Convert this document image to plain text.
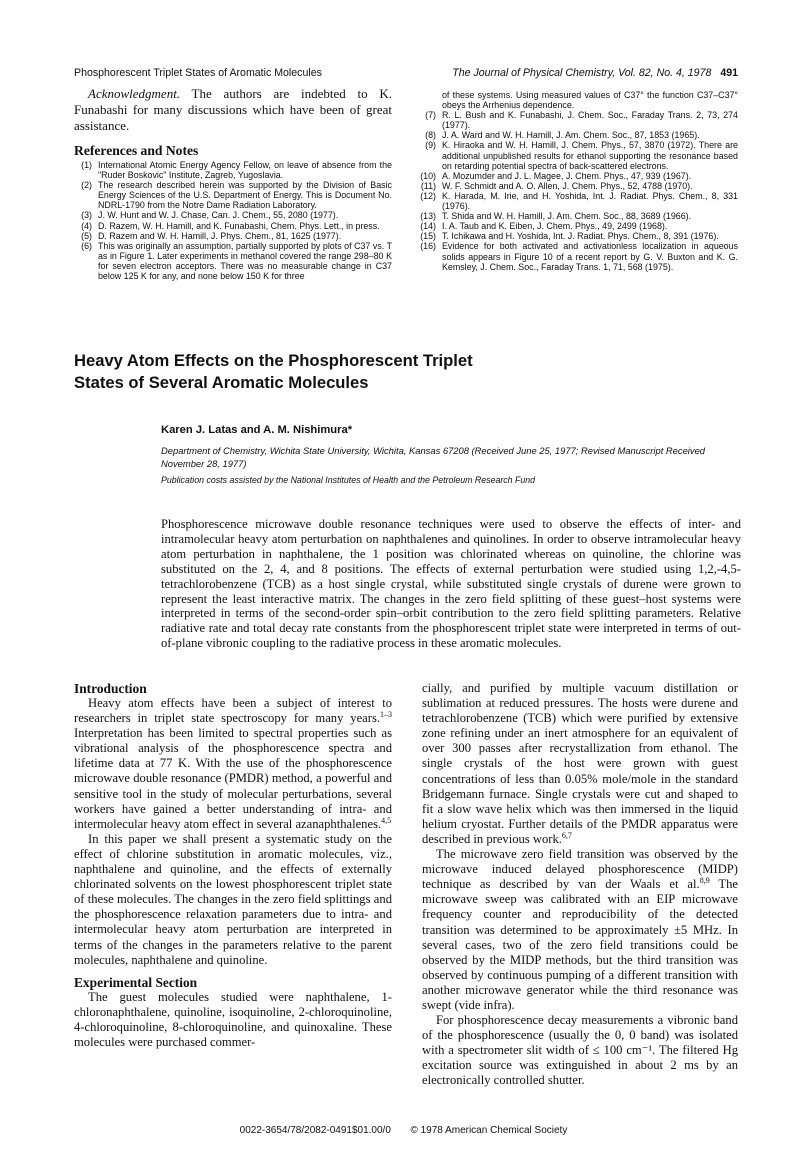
Phosphorescent Triplet States of Aromatic Molecules	The Journal of Physical Chemistry, Vol. 82, No. 4, 1978 491

Acknowledgment. The authors are indebted to K. Funabashi for many discussions which have been of great assistance.

References and Notes
(1) International Atomic Energy Agency Fellow, on leave of absence from the "Ruder Boskovic" Institute, Zagreb, Yugoslavia.
(2) The research described herein was supported by the Division of Basic Energy Sciences of the U.S. Department of Energy. This is Document No. NDRL-1790 from the Notre Dame Radiation Laboratory.
(3) J. W. Hunt and W. J. Chase, Can. J. Chem., 55, 2080 (1977).
(4) D. Razem, W. H. Hamill, and K. Funabashi, Chem. Phys. Lett., in press.
(5) D. Razem and W. H. Hamill, J. Phys. Chem., 81, 1625 (1977).
(6) This was originally an assumption, partially supported by plots of C37 vs. T as in Figure 1. Later experiments in methanol covered the range 298–80 K for seven electron acceptors. There was no measurable change in C37 below 125 K for any, and none below 150 K for three
of these systems. Using measured values of C37° the function C37–C37° obeys the Arrhenius dependence.
(7) R. L. Bush and K. Funabashi, J. Chem. Soc., Faraday Trans. 2, 73, 274 (1977).
(8) J. A. Ward and W. H. Hamill, J. Am. Chem. Soc., 87, 1853 (1965).
(9) K. Hiraoka and W. H. Hamill, J. Chem. Phys., 57, 3870 (1972). There are additional unpublished results for ethanol supporting the resonance based on retarding potential spectra of back-scattered electrons.
(10) A. Mozumder and J. L. Magee, J. Chem. Phys., 47, 939 (1967).
(11) W. F. Schmidt and A. O. Allen, J. Chem. Phys., 52, 4788 (1970).
(12) K. Harada, M. Irie, and H. Yoshida, Int. J. Radiat. Phys. Chem., 8, 331 (1976).
(13) T. Shida and W. H. Hamill, J. Am. Chem. Soc., 88, 3689 (1966).
(14) I. A. Taub and K. Eiben, J. Chem. Phys., 49, 2499 (1968).
(15) T. Ichikawa and H. Yoshida, Int. J. Radiat. Phys. Chem., 8, 391 (1976).
(16) Evidence for both activated and activationless localization in aqueous solids appears in Figure 10 of a recent report by G. V. Buxton and K. G. Kemsley, J. Chem. Soc., Faraday Trans. 1, 71, 568 (1975).
Heavy Atom Effects on the Phosphorescent Triplet
States of Several Aromatic Molecules
Karen J. Latas and A. M. Nishimura*
Department of Chemistry, Wichita State University, Wichita, Kansas 67208 (Received June 25, 1977; Revised Manuscript Received November 28, 1977)
Publication costs assisted by the National Institutes of Health and the Petroleum Research Fund
Phosphorescence microwave double resonance techniques were used to observe the effects of inter- and intramolecular heavy atom perturbation on naphthalenes and quinolines. In order to observe intramolecular heavy atom perturbation in naphthalene, the 1 position was chlorinated whereas on quinoline, the chlorine was substituted on the 2, 4, and 8 positions. The effects of external perturbation were studied using 1,2,-4,5-tetrachlorobenzene (TCB) as a host single crystal, while substituted single crystals of durene were grown to represent the least interactive matrix. The changes in the zero field splitting of these guest–host systems were interpreted in terms of the second-order spin–orbit contribution to the zero field splitting parameters. Relative radiative rate and total decay rate constants from the phosphorescent triplet state were interpreted in terms of out-of-plane vibronic coupling to the radiative process in these aromatic molecules.
Introduction

Heavy atom effects have been a subject of interest to researchers in triplet state spectroscopy for many years.$^{1-3}$ Interpretation has been limited to spectral properties such as vibrational analysis of the phosphorescence spectra and lifetime data at 77 K. With the use of the phosphorescence microwave double resonance (PMDR) method, a powerful and sensitive tool in the study of molecular perturbations, several workers have gained a better understanding of intra- and intermolecular heavy atom effect in several azanaphthalenes.$^{4,5}$

In this paper we shall present a systematic study on the effect of chlorine substitution in aromatic molecules, viz., naphthalene and quinoline, and the effects of externally chlorinated solvents on the lowest phosphorescent triplet state of these molecules. The changes in the zero field splittings and the phosphorescence relaxation parameters due to intra- and intermolecular heavy atom perturbation are interpreted in terms of the changes in the parameters relative to the parent molecules, naphthalene and quinoline.

Experimental Section

The guest molecules studied were naphthalene, 1-chloronaphthalene, quinoline, isoquinoline, 2-chloroquinoline, 4-chloroquinoline, 8-chloroquinoline, and quinoxaline. These molecules were purchased commer-

cially, and purified by multiple vacuum distillation or sublimation at reduced pressures. The hosts were durene and tetrachlorobenzene (TCB) which were purified by extensive zone refining under an inert atmosphere for an equivalent of over 300 passes after recrystallization from ethanol. The single crystals of the host were grown with guest concentrations of less than 0.05% mole/mole in the standard Bridgemann furnace. Single crystals were cut and shaped to fit a slow wave helix which was then immersed in the liquid helium cryostat. Further details of the PMDR apparatus were described in previous work.$^{6,7}$

The microwave zero field transition was observed by the microwave induced delayed phosphorescence (MIDP) technique as described by van der Waals et al.$^{8,9}$ The microwave sweep was calibrated with an EIP microwave frequency counter and reproducibility of the detected transition was determined to be approximately ±5 MHz. In several cases, two of the zero field transitions could be observed by the MIDP methods, but the third transition was observed by continuous pumping of a different transition with another microwave generator while the third resonance was swept (vide infra).

For phosphorescence decay measurements a vibronic band of the phosphorescence (usually the 0, 0 band) was isolated with a spectrometer slit width of ≤ 100 cm⁻¹. The filtered Hg excitation source was extinguished in about 2 ms by an electronically controlled shutter.

0022-3654/78/2082-0491$01.00/0 © 1978 American Chemical Society
